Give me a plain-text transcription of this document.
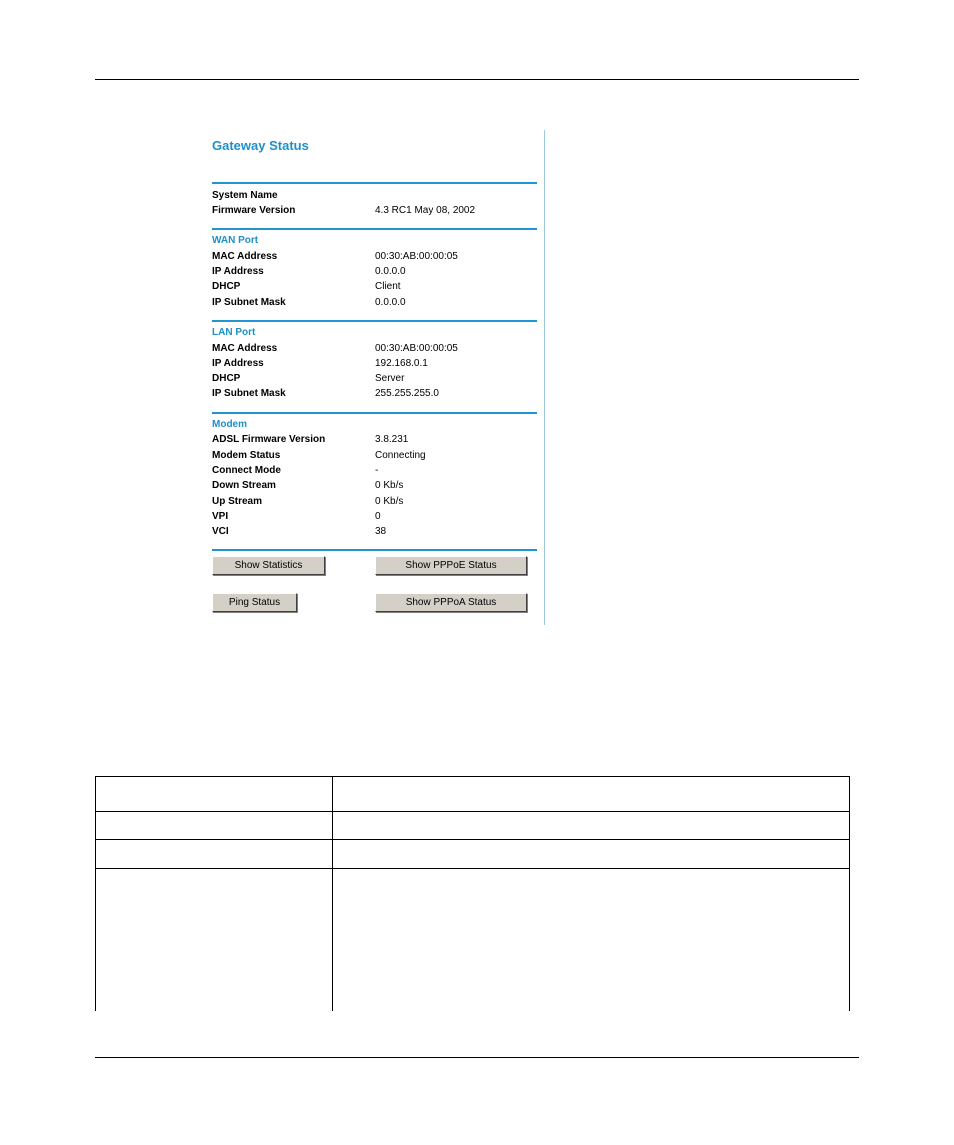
Gateway Status
System Name
Firmware Version	4.3 RC1 May 08, 2002
WAN Port
MAC Address	00:30:AB:00:00:05
IP Address	0.0.0.0
DHCP	Client
IP Subnet Mask	0.0.0.0
LAN Port
MAC Address	00:30:AB:00:00:05
IP Address	192.168.0.1
DHCP	Server
IP Subnet Mask	255.255.255.0
Modem
ADSL Firmware Version	3.8.231
Modem Status	Connecting
Connect Mode	-
Down Stream	0 Kb/s
Up Stream	0 Kb/s
VPI	0
VCI	38
Show Statistics	Show PPPoE Status
Ping Status	Show PPPoA Status
